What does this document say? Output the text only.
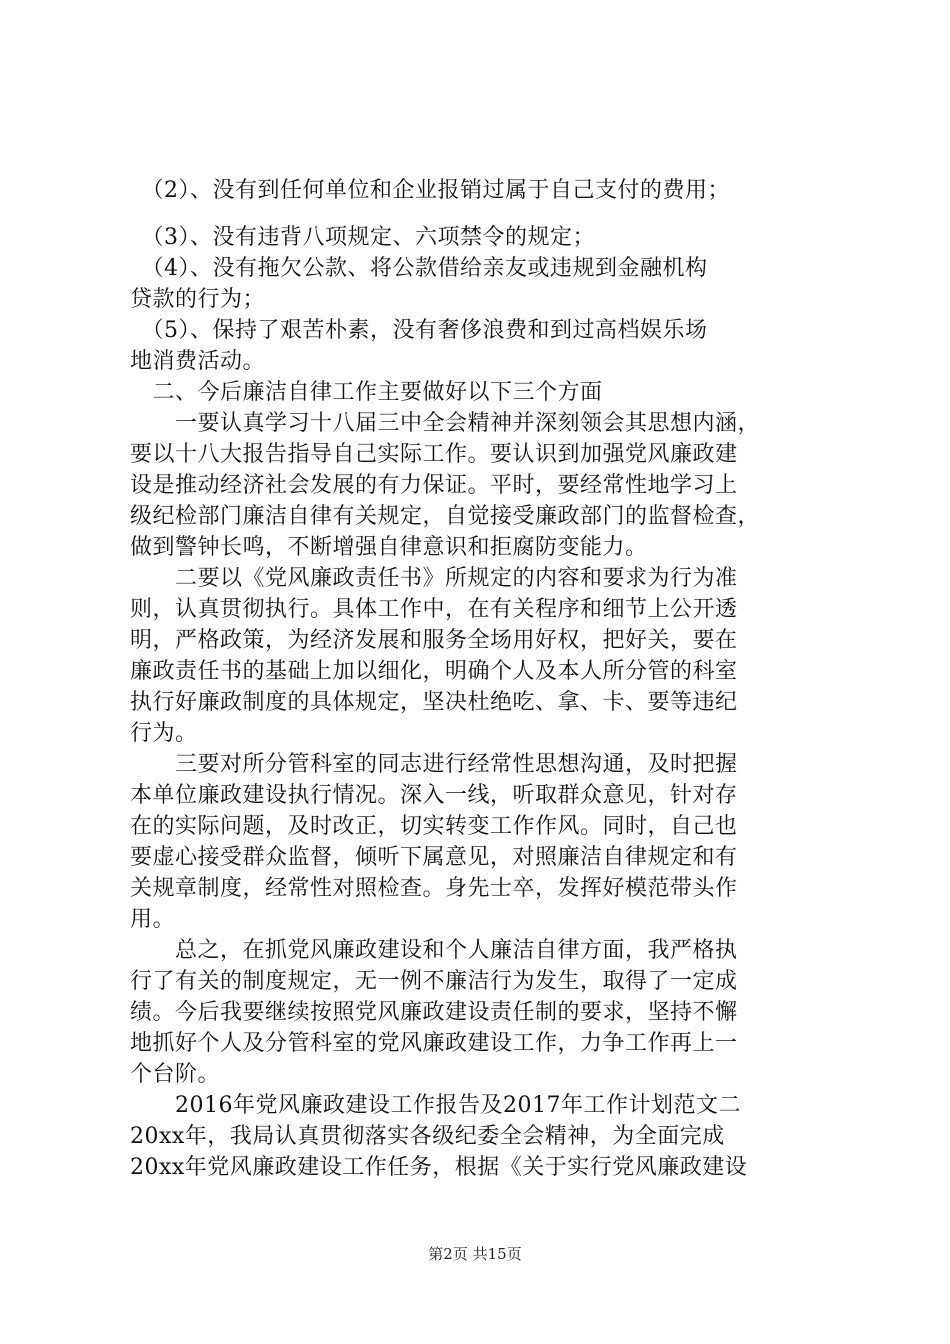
　（2）、没有到任何单位和企业报销过属于自己支付的费用；
　（3）、没有违背八项规定、六项禁令的规定；
　（4）、没有拖欠公款、将公款借给亲友或违规到金融机构
贷款的行为；
　（5）、保持了艰苦朴素，没有奢侈浪费和到过高档娱乐场
地消费活动。
　二、今后廉洁自律工作主要做好以下三个方面
　　一要认真学习十八届三中全会精神并深刻领会其思想内涵，
要以十八大报告指导自己实际工作。要认识到加强党风廉政建
设是推动经济社会发展的有力保证。平时，要经常性地学习上
级纪检部门廉洁自律有关规定，自觉接受廉政部门的监督检查，
做到警钟长鸣，不断增强自律意识和拒腐防变能力。
　　二要以《党风廉政责任书》所规定的内容和要求为行为准
则，认真贯彻执行。具体工作中，在有关程序和细节上公开透
明，严格政策，为经济发展和服务全场用好权，把好关，要在
廉政责任书的基础上加以细化，明确个人及本人所分管的科室
执行好廉政制度的具体规定，坚决杜绝吃、拿、卡、要等违纪
行为。
　　三要对所分管科室的同志进行经常性思想沟通，及时把握
本单位廉政建设执行情况。深入一线，听取群众意见，针对存
在的实际问题，及时改正，切实转变工作作风。同时，自己也
要虚心接受群众监督，倾听下属意见，对照廉洁自律规定和有
关规章制度，经常性对照检查。身先士卒，发挥好模范带头作
用。
　　总之，在抓党风廉政建设和个人廉洁自律方面，我严格执
行了有关的制度规定，无一例不廉洁行为发生，取得了一定成
绩。今后我要继续按照党风廉政建设责任制的要求，坚持不懈
地抓好个人及分管科室的党风廉政建设工作，力争工作再上一
个台阶。
　　2016年党风廉政建设工作报告及2017年工作计划范文二
20xx年，我局认真贯彻落实各级纪委全会精神，为全面完成
20xx年党风廉政建设工作任务，根据《关于实行党风廉政建设
第2页 共15页
